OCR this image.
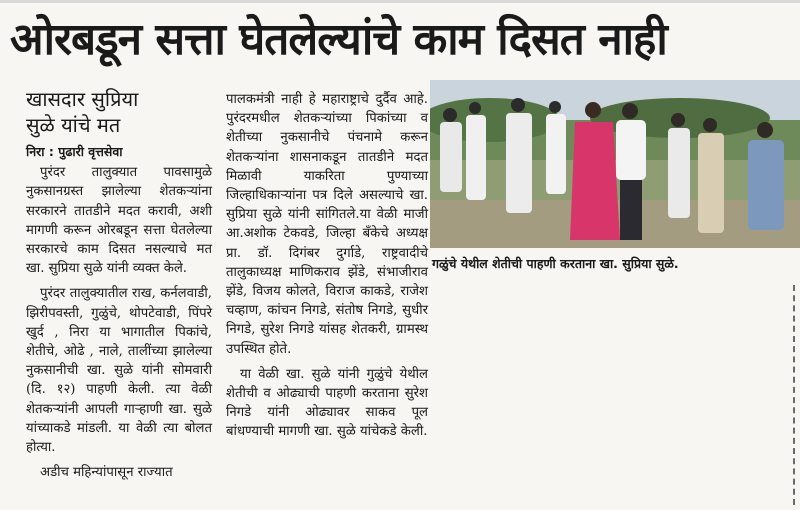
ओरबडून सत्ता घेतलेल्यांचे काम दिसत नाही
खासदार सुप्रिया
सुळे यांचे मत
निरा : पुढारी वृत्तसेवा

पुरंदर तालुक्यात पावसामुळे नुकसानग्रस्त झालेल्या शेतकऱ्यांना सरकारने तातडीने मदत करावी, अशी मागणी करून ओरबडून सत्ता घेतलेल्या सरकारचे काम दिसत नसल्याचे मत खा. सुप्रिया सुळे यांनी व्यक्त केले.

पुरंदर तालुक्यातील राख, कर्नलवाडी, झिरीपवस्ती, गुळुंचे, थोपटेवाडी, पिंपरे खुर्द , निरा या भागातील पिकांचे, शेतीचे, ओढे , नाले, तालींच्या झालेल्या नुकसानीची खा. सुळे यांनी सोमवारी (दि. १२) पाहणी केली. त्या वेळी शेतकऱ्यांनी आपली गाऱ्हाणी खा. सुळे यांच्याकडे मांडली. या वेळी त्या बोलत होत्या.

अडीच महिन्यांपासून राज्यात

पालकमंत्री नाही हे महाराष्ट्राचे दुर्दैव आहे. पुरंदरमधील शेतकऱ्यांच्या पिकांच्या व शेतीच्या नुकसानीचे पंचनामे करून शेतकऱ्यांना शासनाकडून तातडीने मदत मिळावी याकरिता पुण्याच्या जिल्हाधिकाऱ्यांना पत्र दिले असल्याचे खा. सुप्रिया सुळे यांनी सांगितले.या वेळी माजी आ.अशोक टेकवडे, जिल्हा बँकेचे अध्यक्ष प्रा. डॉ. दिगंबर दुर्गाडे, राष्ट्रवादीचे तालुकाध्यक्ष माणिकराव झेंडे, संभाजीराव झेंडे, विजय कोलते, विराज काकडे, राजेश चव्हाण, कांचन निगडे, संतोष निगडे, सुधीर निगडे, सुरेश निगडे यांसह शेतकरी, ग्रामस्थ उपस्थित होते.

या वेळी खा. सुळे यांनी गुळुंचे येथील शेतीची व ओढ्याची पाहणी करताना सुरेश निगडे यांनी ओढ्यावर साकव पूल बांधण्याची मागणी खा. सुळे यांचेकडे केली.

गळुंचे येथील शेतीची पाहणी करताना खा. सुप्रिया सुळे.
